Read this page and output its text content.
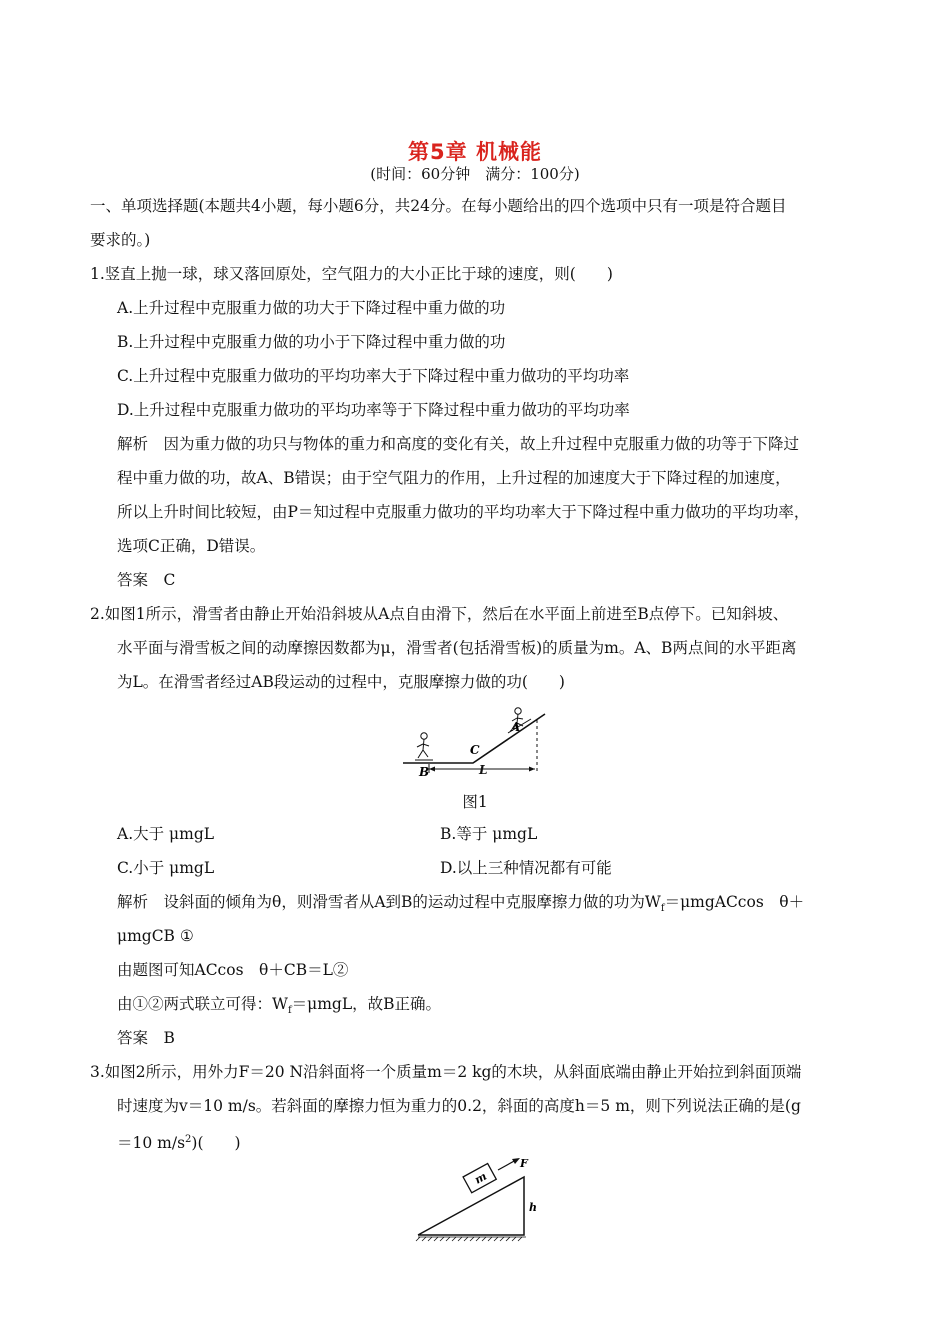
第5章 机械能
(时间：60分钟　满分：100分)
一、单项选择题(本题共4小题，每小题6分，共24分。在每小题给出的四个选项中只有一项是符合题目
要求的。)
1.竖直上抛一球，球又落回原处，空气阻力的大小正比于球的速度，则(　　)
A.上升过程中克服重力做的功大于下降过程中重力做的功
B.上升过程中克服重力做的功小于下降过程中重力做的功
C.上升过程中克服重力做功的平均功率大于下降过程中重力做功的平均功率
D.上升过程中克服重力做功的平均功率等于下降过程中重力做功的平均功率
解析　因为重力做的功只与物体的重力和高度的变化有关，故上升过程中克服重力做的功等于下降过
程中重力做的功，故A、B错误；由于空气阻力的作用，上升过程的加速度大于下降过程的加速度，
所以上升时间比较短，由P＝知过程中克服重力做功的平均功率大于下降过程中重力做功的平均功率，
选项C正确，D错误。
答案　C
2.如图1所示，滑雪者由静止开始沿斜坡从A点自由滑下，然后在水平面上前进至B点停下。已知斜坡、
水平面与滑雪板之间的动摩擦因数都为μ，滑雪者(包括滑雪板)的质量为m。A、B两点间的水平距离
为L。在滑雪者经过AB段运动的过程中，克服摩擦力做的功(　　)
A
B
C
L
图1
A.大于 μmgL	B.等于 μmgL
C.小于 μmgL	D.以上三种情况都有可能
解析　设斜面的倾角为θ，则滑雪者从A到B的运动过程中克服摩擦力做的功为$W_f=\mu mgACcos$　θ＋
μmgCB ①
由题图可知ACcos　θ＋CB＝L②
由①②两式联立可得：$W_f=\mu mgL$，故B正确。
答案　B
3.如图2所示，用外力F＝20 N沿斜面将一个质量m＝2 kg的木块，从斜面底端由静止开始拉到斜面顶端
时速度为v＝10 m/s。若斜面的摩擦力恒为重力的0.2，斜面的高度h＝5 m，则下列说法正确的是(g
＝10 $m/s^2$)(　　)
m
F
h
